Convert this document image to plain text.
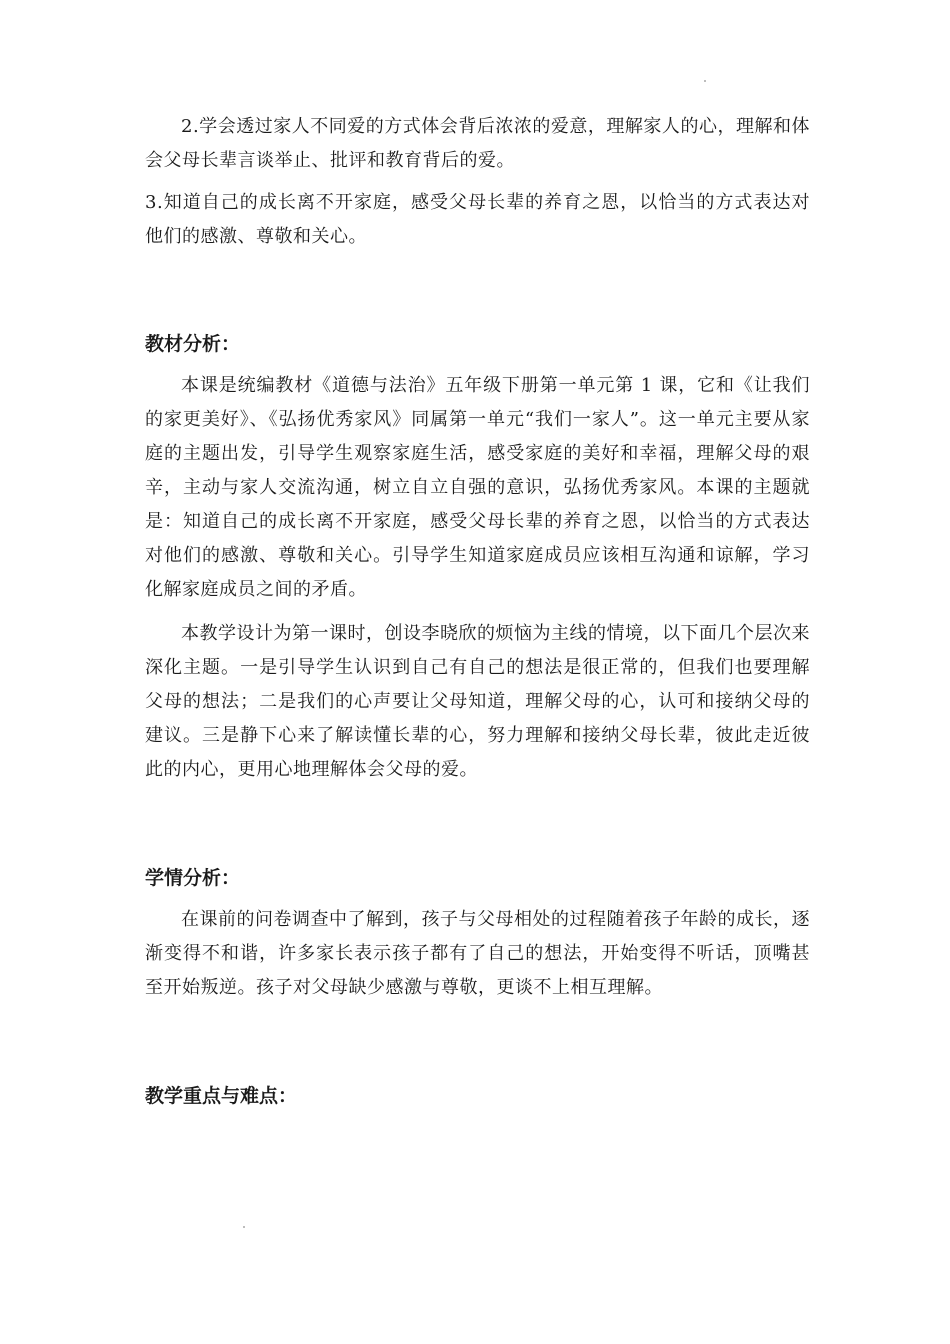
2.学会透过家人不同爱的方式体会背后浓浓的爱意，理解家人的心，理解和体会父母长辈言谈举止、批评和教育背后的爱。

3.知道自己的成长离不开家庭，感受父母长辈的养育之恩，以恰当的方式表达对他们的感激、尊敬和关心。

教材分析：

本课是统编教材《道德与法治》五年级下册第一单元第 1 课，它和《让我们 的家更美好》、《弘扬优秀家风》同属第一单元“我们一家人”。这一单元主要从家庭的主题出发，引导学生观察家庭生活，感受家庭的美好和幸福，理解父母的艰辛，主动与家人交流沟通，树立自立自强的意识，弘扬优秀家风。本课的主题就是：知道自己的成长离不开家庭，感受父母长辈的养育之恩，以恰当的方式表达对他们的感激、尊敬和关心。引导学生知道家庭成员应该相互沟通和谅解，学习化解家庭成员之间的矛盾。

本教学设计为第一课时，创设李晓欣的烦恼为主线的情境，以下面几个层次来深化主题。一是引导学生认识到自己有自己的想法是很正常的，但我们也要理解父母的想法；二是我们的心声要让父母知道，理解父母的心，认可和接纳父母的建议。三是静下心来了解读懂长辈的心，努力理解和接纳父母长辈，彼此走近彼此的内心，更用心地理解体会父母的爱。

学情分析：

在课前的问卷调查中了解到，孩子与父母相处的过程随着孩子年龄的成长，逐渐变得不和谐，许多家长表示孩子都有了自己的想法，开始变得不听话，顶嘴甚至开始叛逆。孩子对父母缺少感激与尊敬，更谈不上相互理解。

教学重点与难点：
